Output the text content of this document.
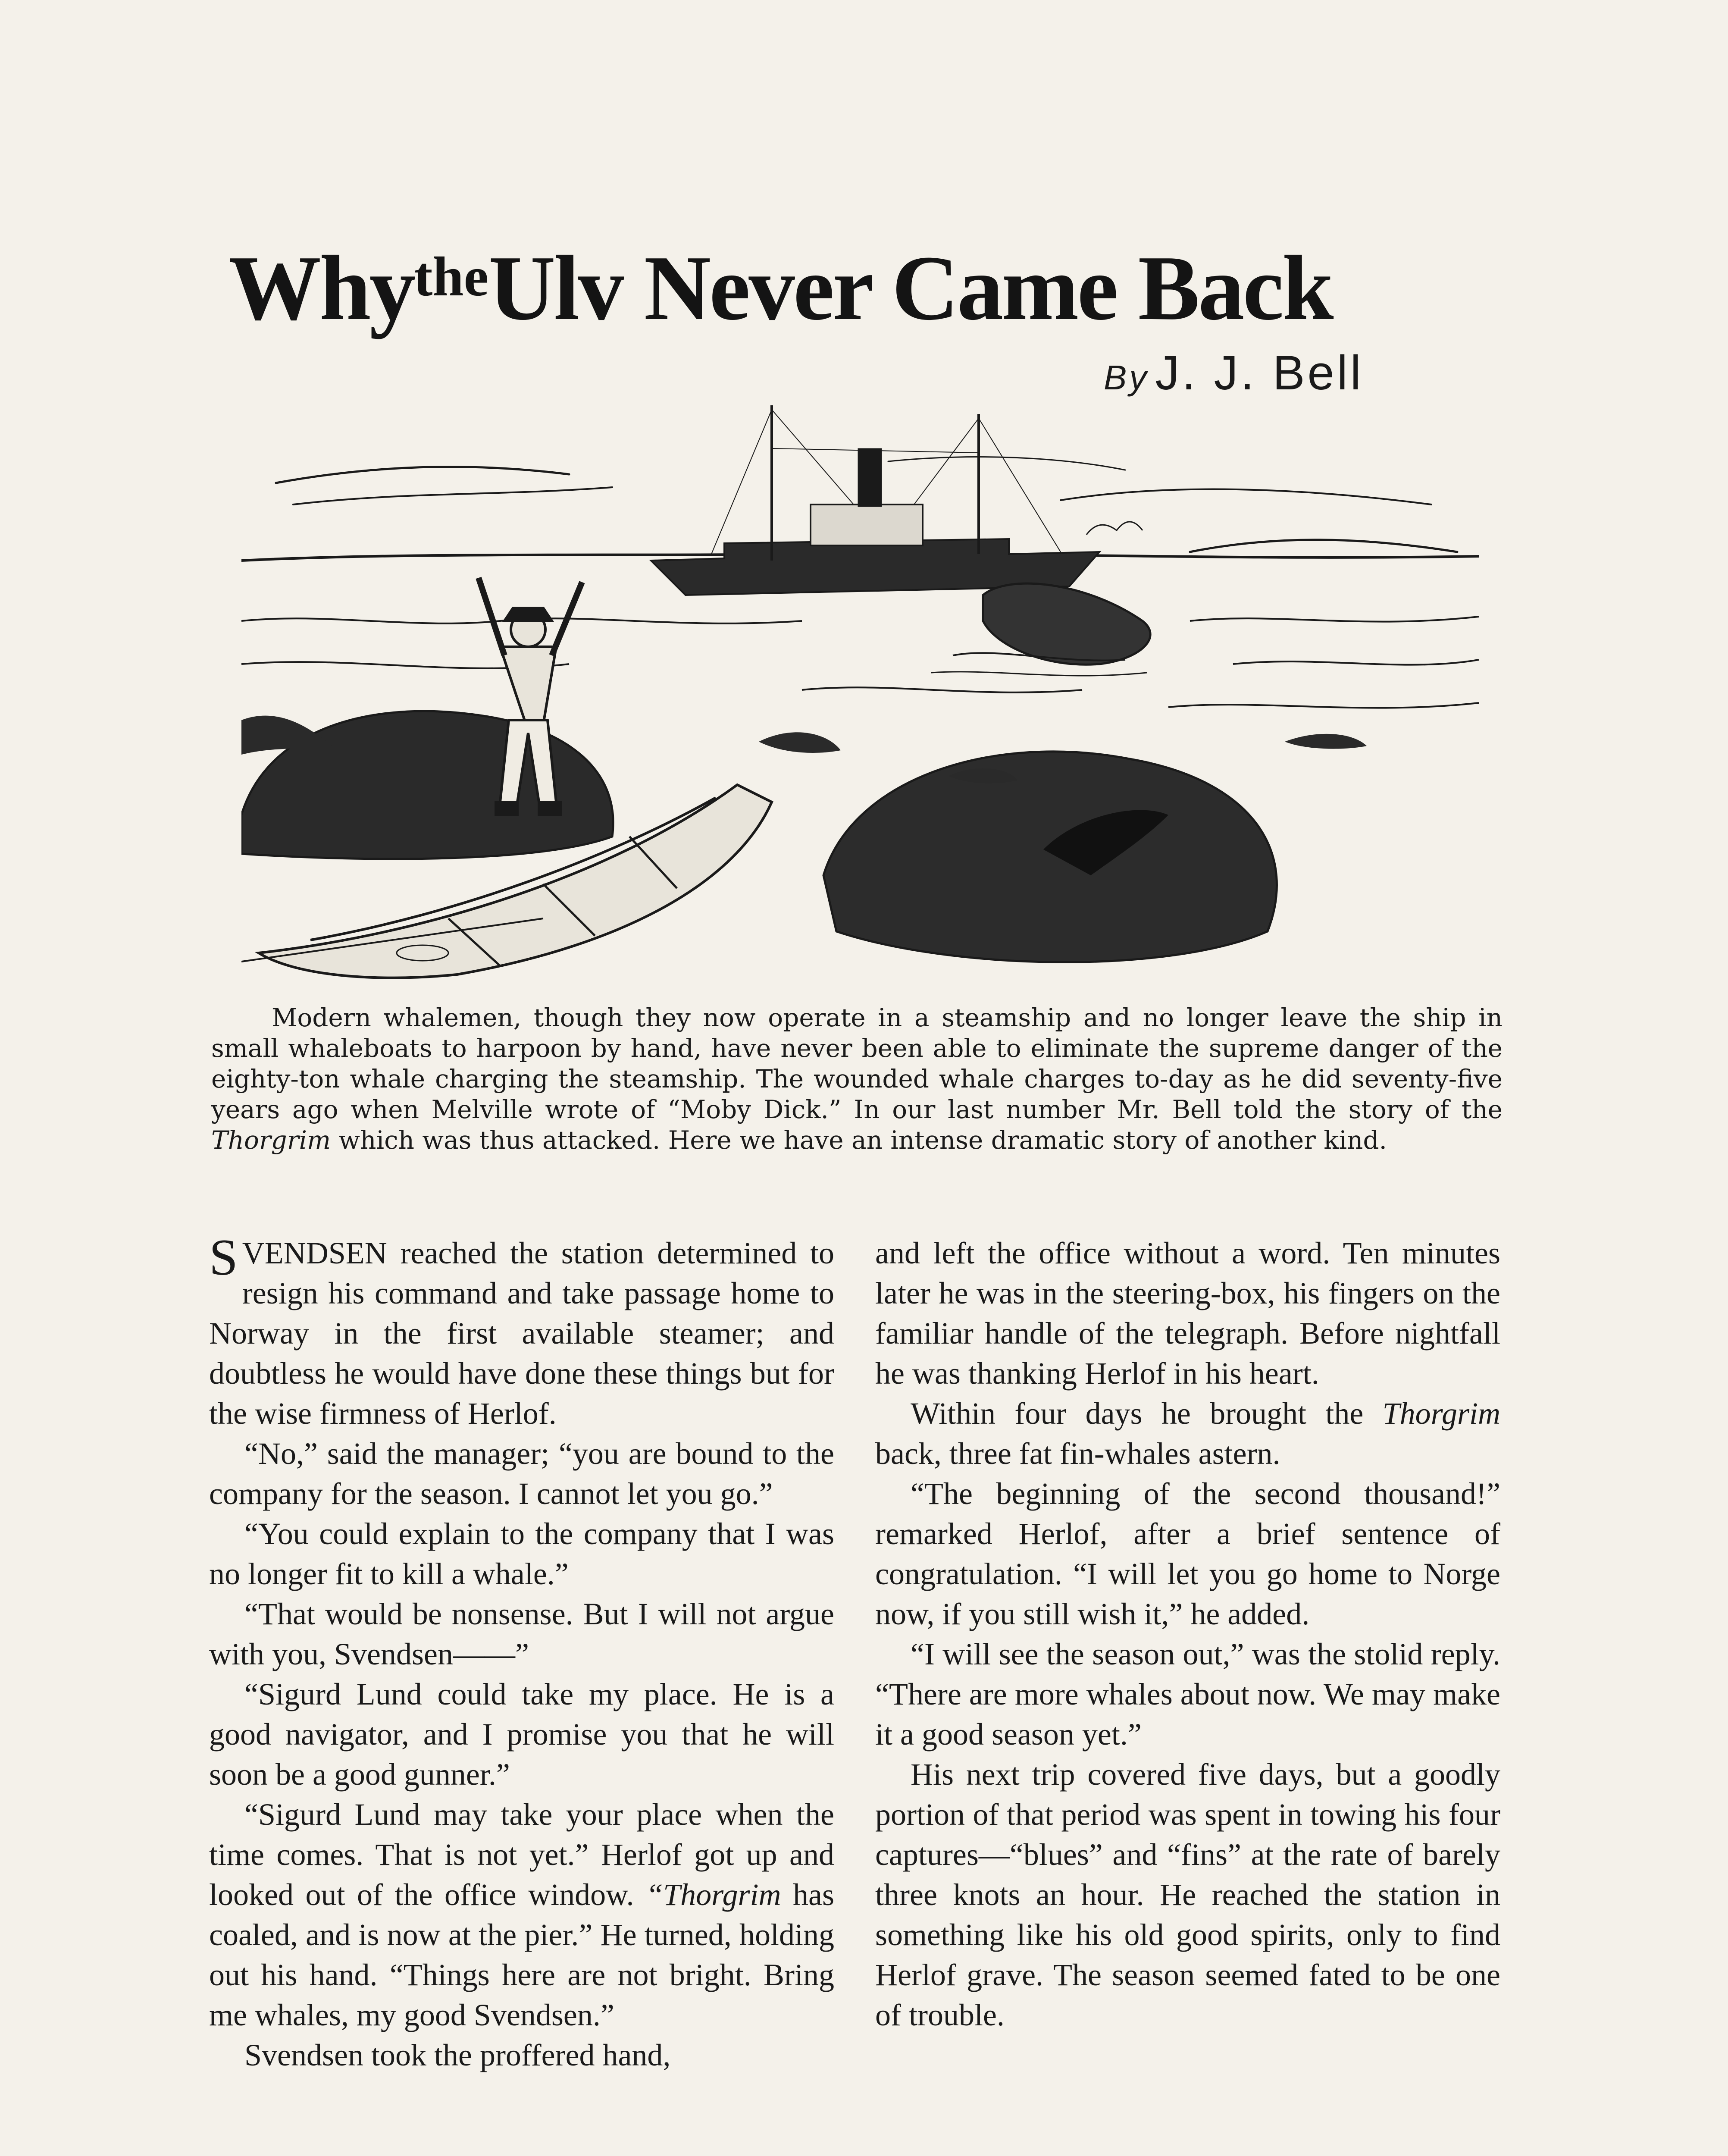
Why$^{the}$Ulv Never Came Back
By J. J. Bell

Modern whalemen, though they now operate in a steamship and no longer leave the ship in small whaleboats to harpoon by hand, have never been able to eliminate the supreme danger of the eighty-ton whale charging the steamship. The wounded whale charges to-day as he did seventy-five years ago when Melville wrote of “Moby Dick.” In our last number Mr. Bell told the story of the Thorgrim which was thus attacked. Here we have an intense dramatic story of another kind.

SVENDSEN reached the station determined to resign his command and take passage home to Norway in the first available steamer; and doubtless he would have done these things but for the wise firmness of Herlof.

“No,” said the manager; “you are bound to the company for the season. I cannot let you go.”

“You could explain to the company that I was no longer fit to kill a whale.”

“That would be nonsense. But I will not argue with you, Svendsen——”

“Sigurd Lund could take my place. He is a good navigator, and I promise you that he will soon be a good gunner.”

“Sigurd Lund may take your place when the time comes. That is not yet.” Herlof got up and looked out of the office window. “Thorgrim has coaled, and is now at the pier.” He turned, holding out his hand. “Things here are not bright. Bring me whales, my good Svendsen.”

Svendsen took the proffered hand,

and left the office without a word. Ten minutes later he was in the steering-box, his fingers on the familiar handle of the telegraph. Before nightfall he was thanking Herlof in his heart.

Within four days he brought the Thorgrim back, three fat fin-whales astern.

“The beginning of the second thousand!” remarked Herlof, after a brief sentence of congratulation. “I will let you go home to Norge now, if you still wish it,” he added.

“I will see the season out,” was the stolid reply. “There are more whales about now. We may make it a good season yet.”

His next trip covered five days, but a goodly portion of that period was spent in towing his four captures—“blues” and “fins” at the rate of barely three knots an hour. He reached the station in something like his old good spirits, only to find Herlof grave. The season seemed fated to be one of trouble.
